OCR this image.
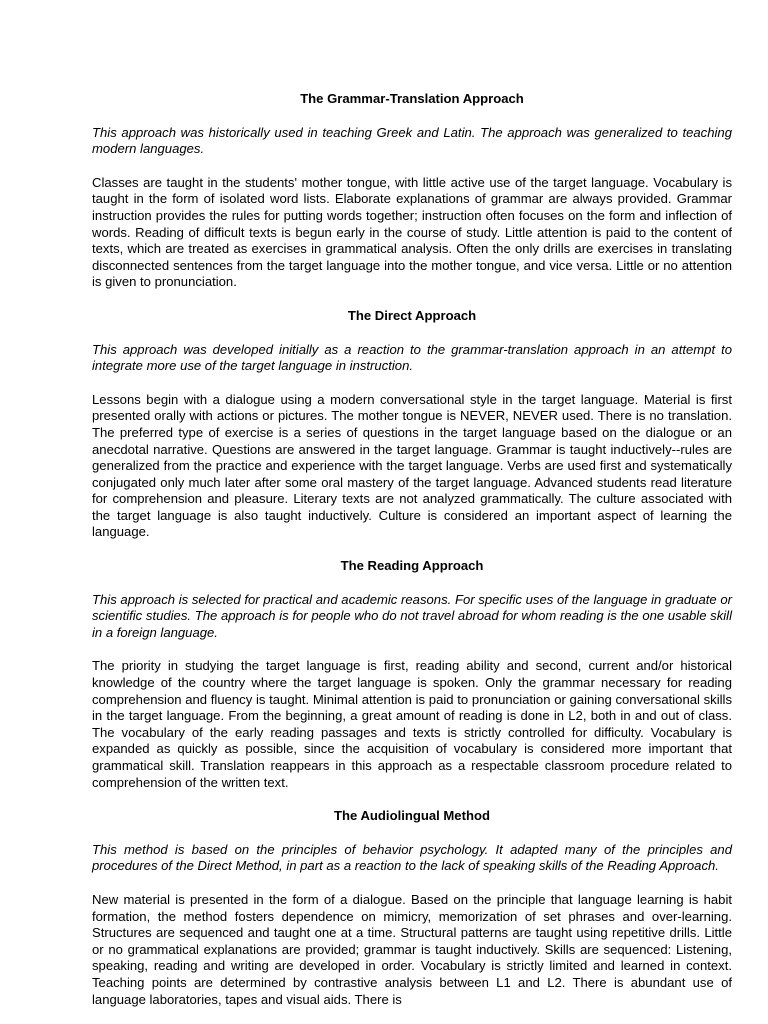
The Grammar-Translation Approach

This approach was historically used in teaching Greek and Latin. The approach was generalized to teaching modern languages.

Classes are taught in the students' mother tongue, with little active use of the target language. Vocabulary is taught in the form of isolated word lists. Elaborate explanations of grammar are always provided. Grammar instruction provides the rules for putting words together; instruction often focuses on the form and inflection of words. Reading of difficult texts is begun early in the course of study. Little attention is paid to the content of texts, which are treated as exercises in grammatical analysis. Often the only drills are exercises in translating disconnected sentences from the target language into the mother tongue, and vice versa. Little or no attention is given to pronunciation.

The Direct Approach

This approach was developed initially as a reaction to the grammar-translation approach in an attempt to integrate more use of the target language in instruction.

Lessons begin with a dialogue using a modern conversational style in the target language. Material is first presented orally with actions or pictures. The mother tongue is NEVER, NEVER used. There is no translation. The preferred type of exercise is a series of questions in the target language based on the dialogue or an anecdotal narrative. Questions are answered in the target language. Grammar is taught inductively--rules are generalized from the practice and experience with the target language. Verbs are used first and systematically conjugated only much later after some oral mastery of the target language. Advanced students read literature for comprehension and pleasure. Literary texts are not analyzed grammatically. The culture associated with the target language is also taught inductively. Culture is considered an important aspect of learning the language.

The Reading Approach

This approach is selected for practical and academic reasons. For specific uses of the language in graduate or scientific studies. The approach is for people who do not travel abroad for whom reading is the one usable skill in a foreign language.

The priority in studying the target language is first, reading ability and second, current and/or historical knowledge of the country where the target language is spoken. Only the grammar necessary for reading comprehension and fluency is taught. Minimal attention is paid to pronunciation or gaining conversational skills in the target language. From the beginning, a great amount of reading is done in L2, both in and out of class. The vocabulary of the early reading passages and texts is strictly controlled for difficulty. Vocabulary is expanded as quickly as possible, since the acquisition of vocabulary is considered more important that grammatical skill. Translation reappears in this approach as a respectable classroom procedure related to comprehension of the written text.

The Audiolingual Method

This method is based on the principles of behavior psychology. It adapted many of the principles and procedures of the Direct Method, in part as a reaction to the lack of speaking skills of the Reading Approach.

New material is presented in the form of a dialogue. Based on the principle that language learning is habit formation, the method fosters dependence on mimicry, memorization of set phrases and over-learning. Structures are sequenced and taught one at a time. Structural patterns are taught using repetitive drills. Little or no grammatical explanations are provided; grammar is taught inductively. Skills are sequenced: Listening, speaking, reading and writing are developed in order. Vocabulary is strictly limited and learned in context. Teaching points are determined by contrastive analysis between L1 and L2. There is abundant use of language laboratories, tapes and visual aids. There is
